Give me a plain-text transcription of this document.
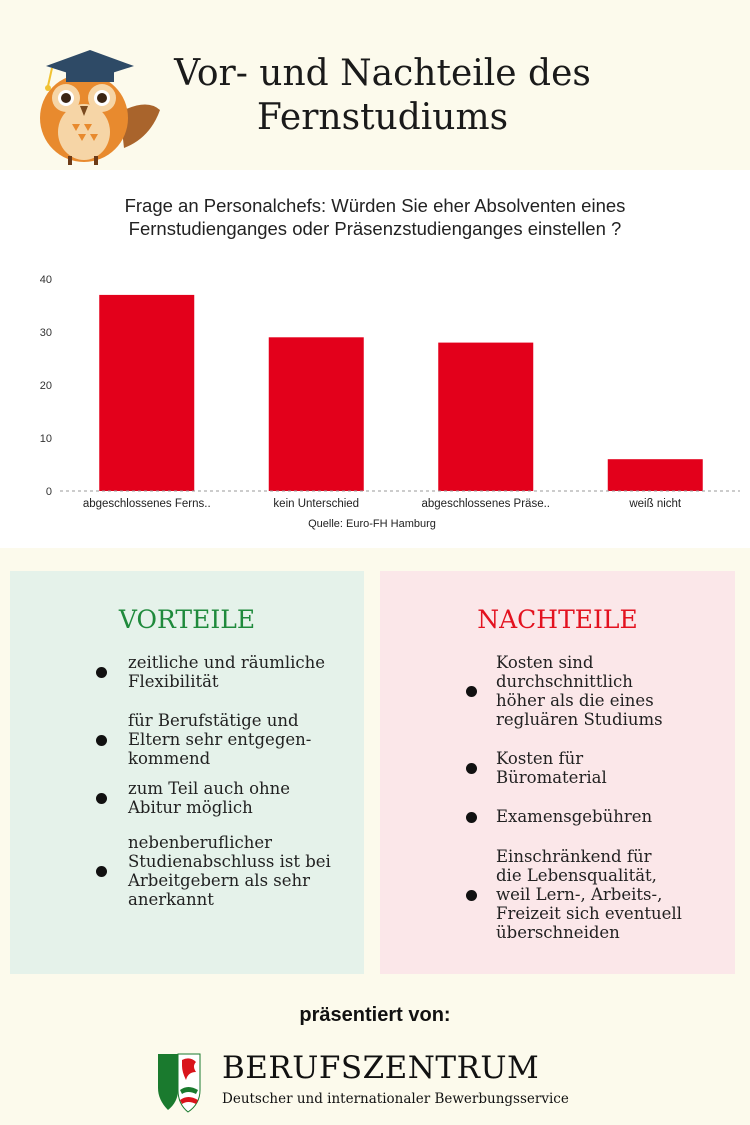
Vor- und Nachteile des
Fernstudiums
Frage an Personalchefs: Würden Sie eher Absolventen eines
Fernstudienganges oder Präsenzstudienganges einstellen ?
0
10
20
30
40
abgeschlossenes Ferns..	kein Unterschied	abgeschlossenes Präse..	weiß nicht
Quelle: Euro-FH Hamburg
VORTEILE
zeitliche und räumliche
Flexibilität
für Berufstätige und
Eltern sehr entgegen-
kommend
zum Teil auch ohne
Abitur möglich
nebenberuflicher
Studienabschluss ist bei
Arbeitgebern als sehr
anerkannt
NACHTEILE
Kosten sind
durchschnittlich
höher als die eines
regluären Studiums
Kosten für
Büromaterial
Examensgebühren
Einschränkend für
die Lebensqualität,
weil Lern-, Arbeits-,
Freizeit sich eventuell
überschneiden
präsentiert von:
BERUFSZENTRUM
Deutscher und internationaler Bewerbungsservice
